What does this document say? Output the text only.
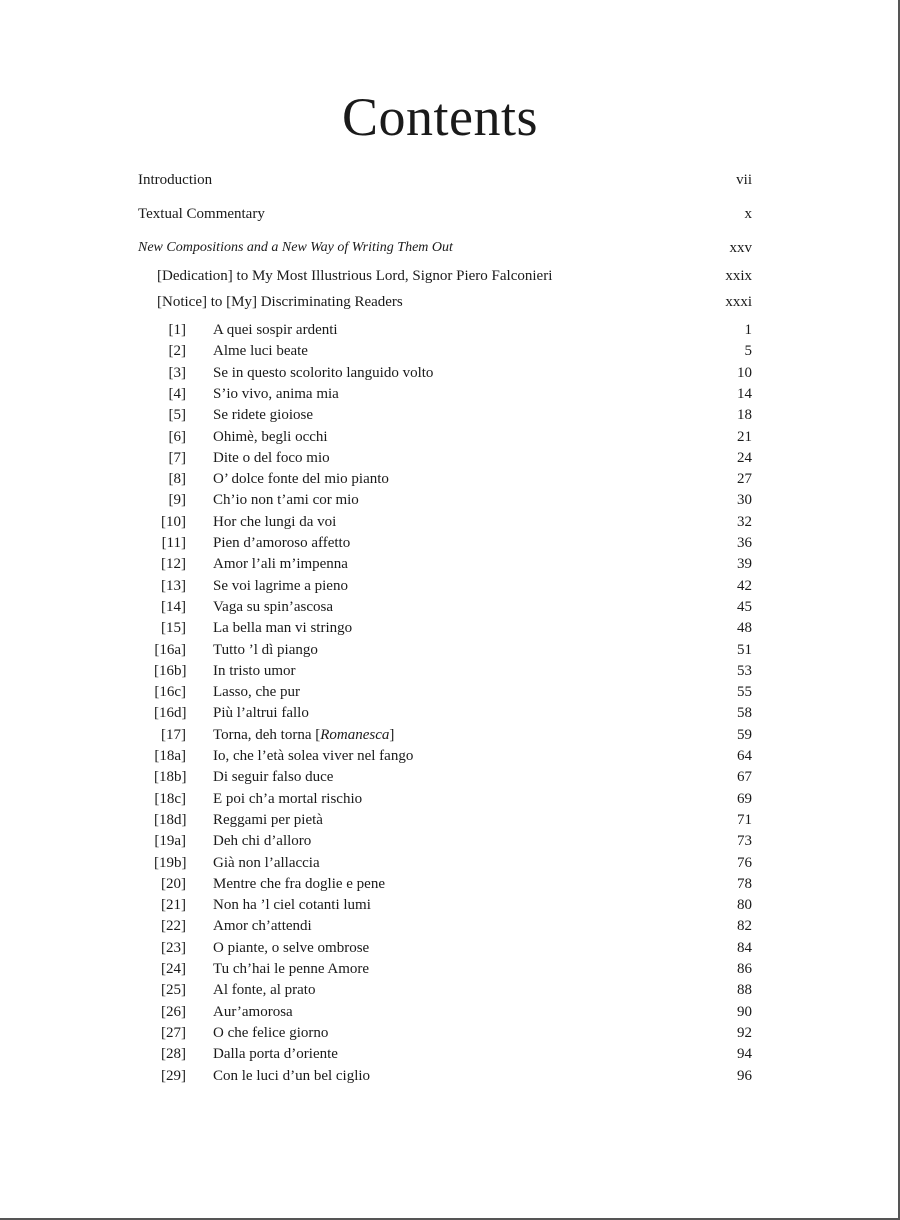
Contents
Introduction	vii
Textual Commentary	x
New Compositions and a New Way of Writing Them Out	xxv
[Dedication] to My Most Illustrious Lord, Signor Piero Falconieri	xxix
[Notice] to [My] Discriminating Readers	xxxi
[1] A quei sospir ardenti	1
[2] Alme luci beate	5
[3] Se in questo scolorito languido volto	10
[4] S’io vivo, anima mia	14
[5] Se ridete gioiose	18
[6] Ohimè, begli occhi	21
[7] Dite o del foco mio	24
[8] O’ dolce fonte del mio pianto	27
[9] Ch’io non t’ami cor mio	30
[10] Hor che lungi da voi	32
[11] Pien d’amoroso affetto	36
[12] Amor l’ali m’impenna	39
[13] Se voi lagrime a pieno	42
[14] Vaga su spin’ascosa	45
[15] La bella man vi stringo	48
[16a] Tutto ’l dì piango	51
[16b] In tristo umor	53
[16c] Lasso, che pur	55
[16d] Più l’altrui fallo	58
[17] Torna, deh torna [Romanesca]	59
[18a] Io, che l’età solea viver nel fango	64
[18b] Di seguir falso duce	67
[18c] E poi ch’a mortal rischio	69
[18d] Reggami per pietà	71
[19a] Deh chi d’alloro	73
[19b] Già non l’allaccia	76
[20] Mentre che fra doglie e pene	78
[21] Non ha ’l ciel cotanti lumi	80
[22] Amor ch’attendi	82
[23] O piante, o selve ombrose	84
[24] Tu ch’hai le penne Amore	86
[25] Al fonte, al prato	88
[26] Aur’amorosa	90
[27] O che felice giorno	92
[28] Dalla porta d’oriente	94
[29] Con le luci d’un bel ciglio	96
